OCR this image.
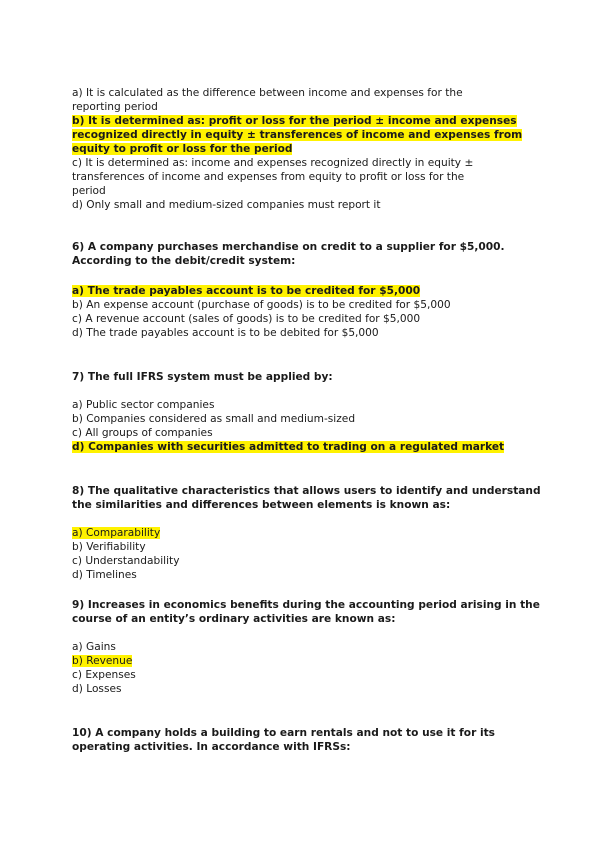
a) It is calculated as the difference between income and expenses for the
reporting period
b) It is determined as: profit or loss for the period ± income and expenses
recognized directly in equity ± transferences of income and expenses from
equity to profit or loss for the period
c) It is determined as: income and expenses recognized directly in equity ±
transferences of income and expenses from equity to profit or loss for the
period
d) Only small and medium-sized companies must report it
6) A company purchases merchandise on credit to a supplier for $5,000.
According to the debit/credit system:
a) The trade payables account is to be credited for $5,000
b) An expense account (purchase of goods) is to be credited for $5,000
c) A revenue account (sales of goods) is to be credited for $5,000
d) The trade payables account is to be debited for $5,000
7) The full IFRS system must be applied by:
a) Public sector companies
b) Companies considered as small and medium-sized
c) All groups of companies
d) Companies with securities admitted to trading on a regulated market
8) The qualitative characteristics that allows users to identify and understand
the similarities and differences between elements is known as:
a) Comparability
b) Verifiability
c) Understandability
d) Timelines
9) Increases in economics benefits during the accounting period arising in the
course of an entity’s ordinary activities are known as:
a) Gains
b) Revenue
c) Expenses
d) Losses
10) A company holds a building to earn rentals and not to use it for its
operating activities. In accordance with IFRSs:
